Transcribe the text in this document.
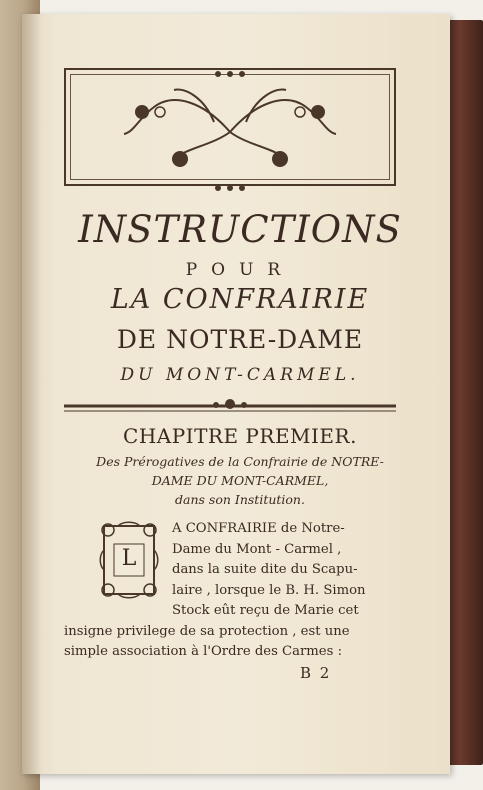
INSTRUCTIONS
POUR
LA CONFRAIRIE
DE NOTRE-DAME
DU MONT-CARMEL.
CHAPITRE PREMIER.
Des Prérogatives de la Confrairie de NOTRE-
DAME DU MONT-CARMEL,
dans son Institution.
L
A CONFRAIRIE de Notre-
Dame du Mont - Carmel ,
dans la suite dite du Scapu-
laire , lorsque le B. H. Simon
Stock eût reçu de Marie cet
insigne privilege de sa protection , est une
simple association à l'Ordre des Carmes :
B 2
